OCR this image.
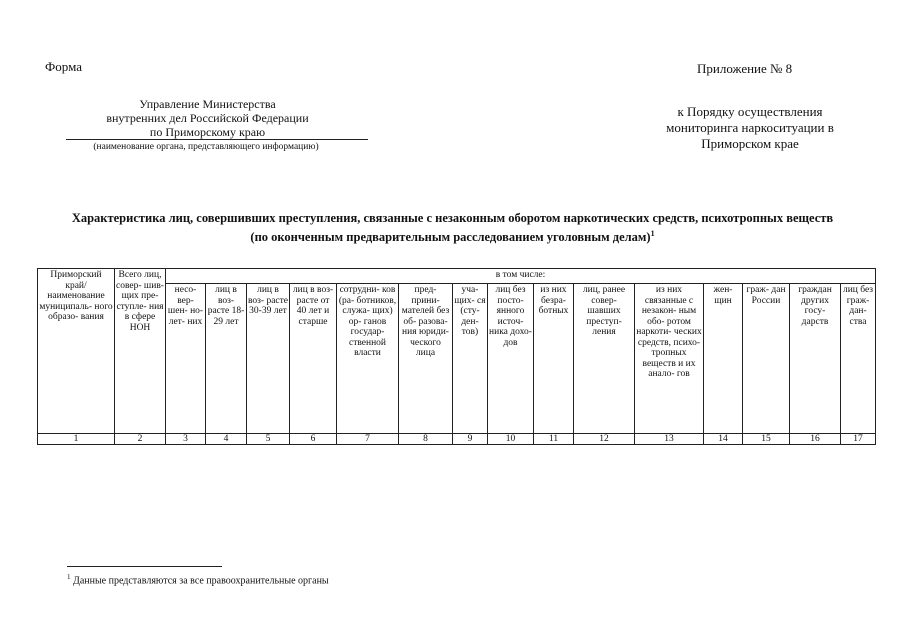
Форма	Приложение № 8
Управление Министерства
внутренних дел Российской Федерации
по Приморскому краю
(наименование органа, представляющего информацию)
к Порядку осуществления
мониторинга наркоситуации в
Приморском крае
Характеристика лиц, совершивших преступления, связанные с незаконным оборотом наркотических средств, психотропных веществ
(по оконченным предварительным расследованием уголовным делам)$^1$
Приморский край/ наименование муниципаль- ного образо- вания	Всего лиц, совер- шив- щих пре- ступле- ния в сфере НОН	в том числе:														
		несо- вер- шен- но- лет- них	лиц в воз- расте 18-29 лет	лиц в воз- расте 30-39 лет	лиц в воз- расте от 40 лет и старше	сотрудни- ков (ра- ботников, служа- щих) ор- ганов государ- ственной власти	пред- прини- мателей без об- разова- ния юриди- ческого лица	уча- щих- ся (сту- ден- тов)	лиц без посто- янного источ- ника дохо- дов	из них безра- ботных	лиц, ранее совер- шавших преступ- ления	из них связанные с незакон- ным обо- ротом наркоти- ческих средств, психо- тропных веществ и их анало- гов	жен- щин	граж- дан России	граждан других госу- дарств	лиц без граж- дан- ства
1	2	3	4	5	6	7	8	9	10	11	12	13	14	15	16	17
$^1$ Данные представляются за все правоохранительные органы
